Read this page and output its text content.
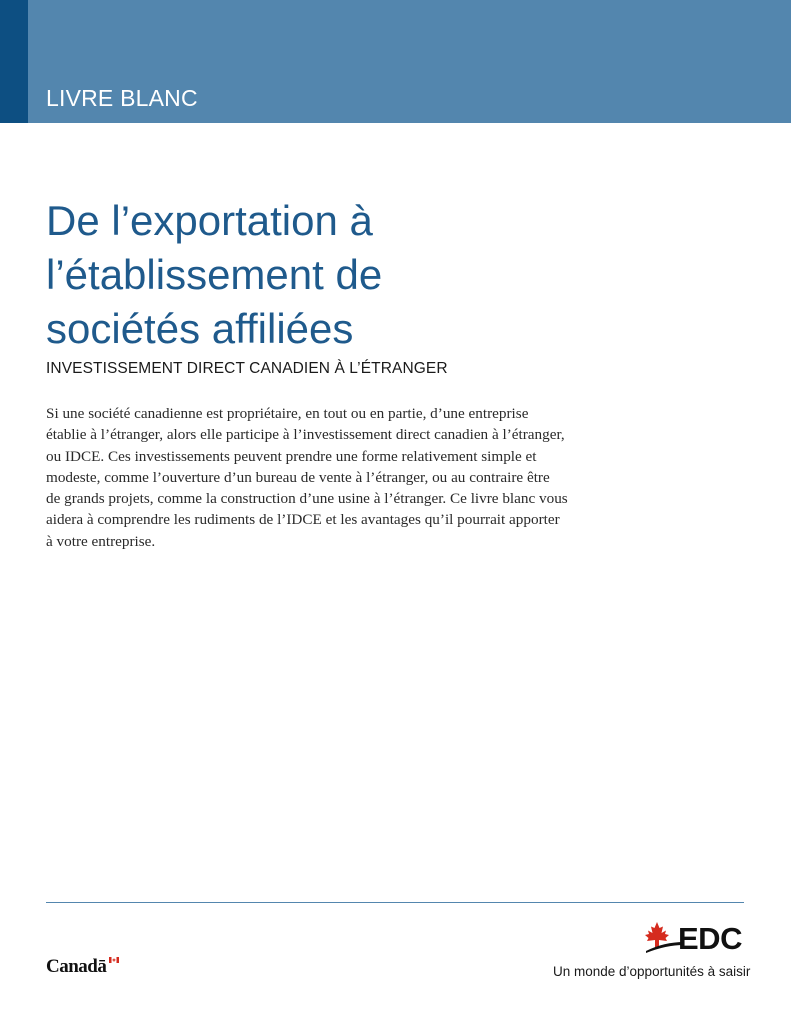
LIVRE BLANC
De l’exportation à
l’établissement de
sociétés affiliées
INVESTISSEMENT DIRECT CANADIEN À L’ÉTRANGER
Si une société canadienne est propriétaire, en tout ou en partie, d’une entreprise
établie à l’étranger, alors elle participe à l’investissement direct canadien à l’étranger,
ou IDCE. Ces investissements peuvent prendre une forme relativement simple et
modeste, comme l’ouverture d’un bureau de vente à l’étranger, ou au contraire être
de grands projets, comme la construction d’une usine à l’étranger. Ce livre blanc vous
aidera à comprendre les rudiments de l’IDCE et les avantages qu’il pourrait apporter
à votre entreprise.
Canadā
EDC
Un monde d’opportunités à saisir
